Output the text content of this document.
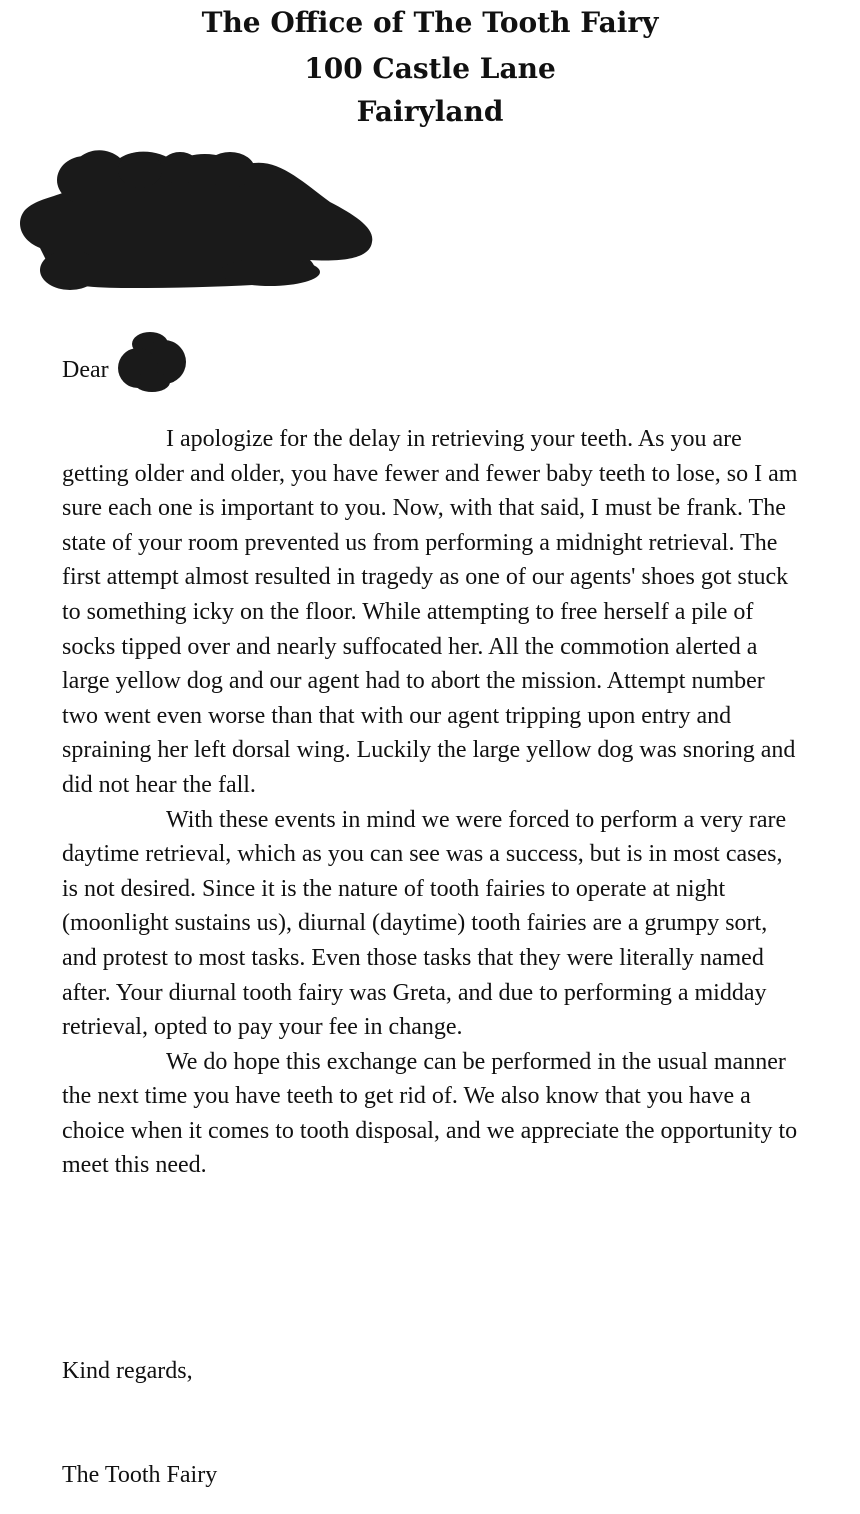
The Office of The Tooth Fairy
100 Castle Lane
Fairyland
Dear

I apologize for the delay in retrieving your teeth. As you are getting older and older, you have fewer and fewer baby teeth to lose, so I am sure each one is important to you. Now, with that said, I must be frank. The state of your room prevented us from performing a midnight retrieval. The first attempt almost resulted in tragedy as one of our agents' shoes got stuck to something icky on the floor. While attempting to free herself a pile of socks tipped over and nearly suffocated her. All the commotion alerted a large yellow dog and our agent had to abort the mission. Attempt number two went even worse than that with our agent tripping upon entry and spraining her left dorsal wing. Luckily the large yellow dog was snoring and did not hear the fall.

With these events in mind we were forced to perform a very rare daytime retrieval, which as you can see was a success, but is in most cases, is not desired. Since it is the nature of tooth fairies to operate at night (moonlight sustains us), diurnal (daytime) tooth fairies are a grumpy sort, and protest to most tasks. Even those tasks that they were literally named after. Your diurnal tooth fairy was Greta, and due to performing a midday retrieval, opted to pay your fee in change.

We do hope this exchange can be performed in the usual manner the next time you have teeth to get rid of. We also know that you have a choice when it comes to tooth disposal, and we appreciate the opportunity to meet this need.

Kind regards,
The Tooth Fairy
